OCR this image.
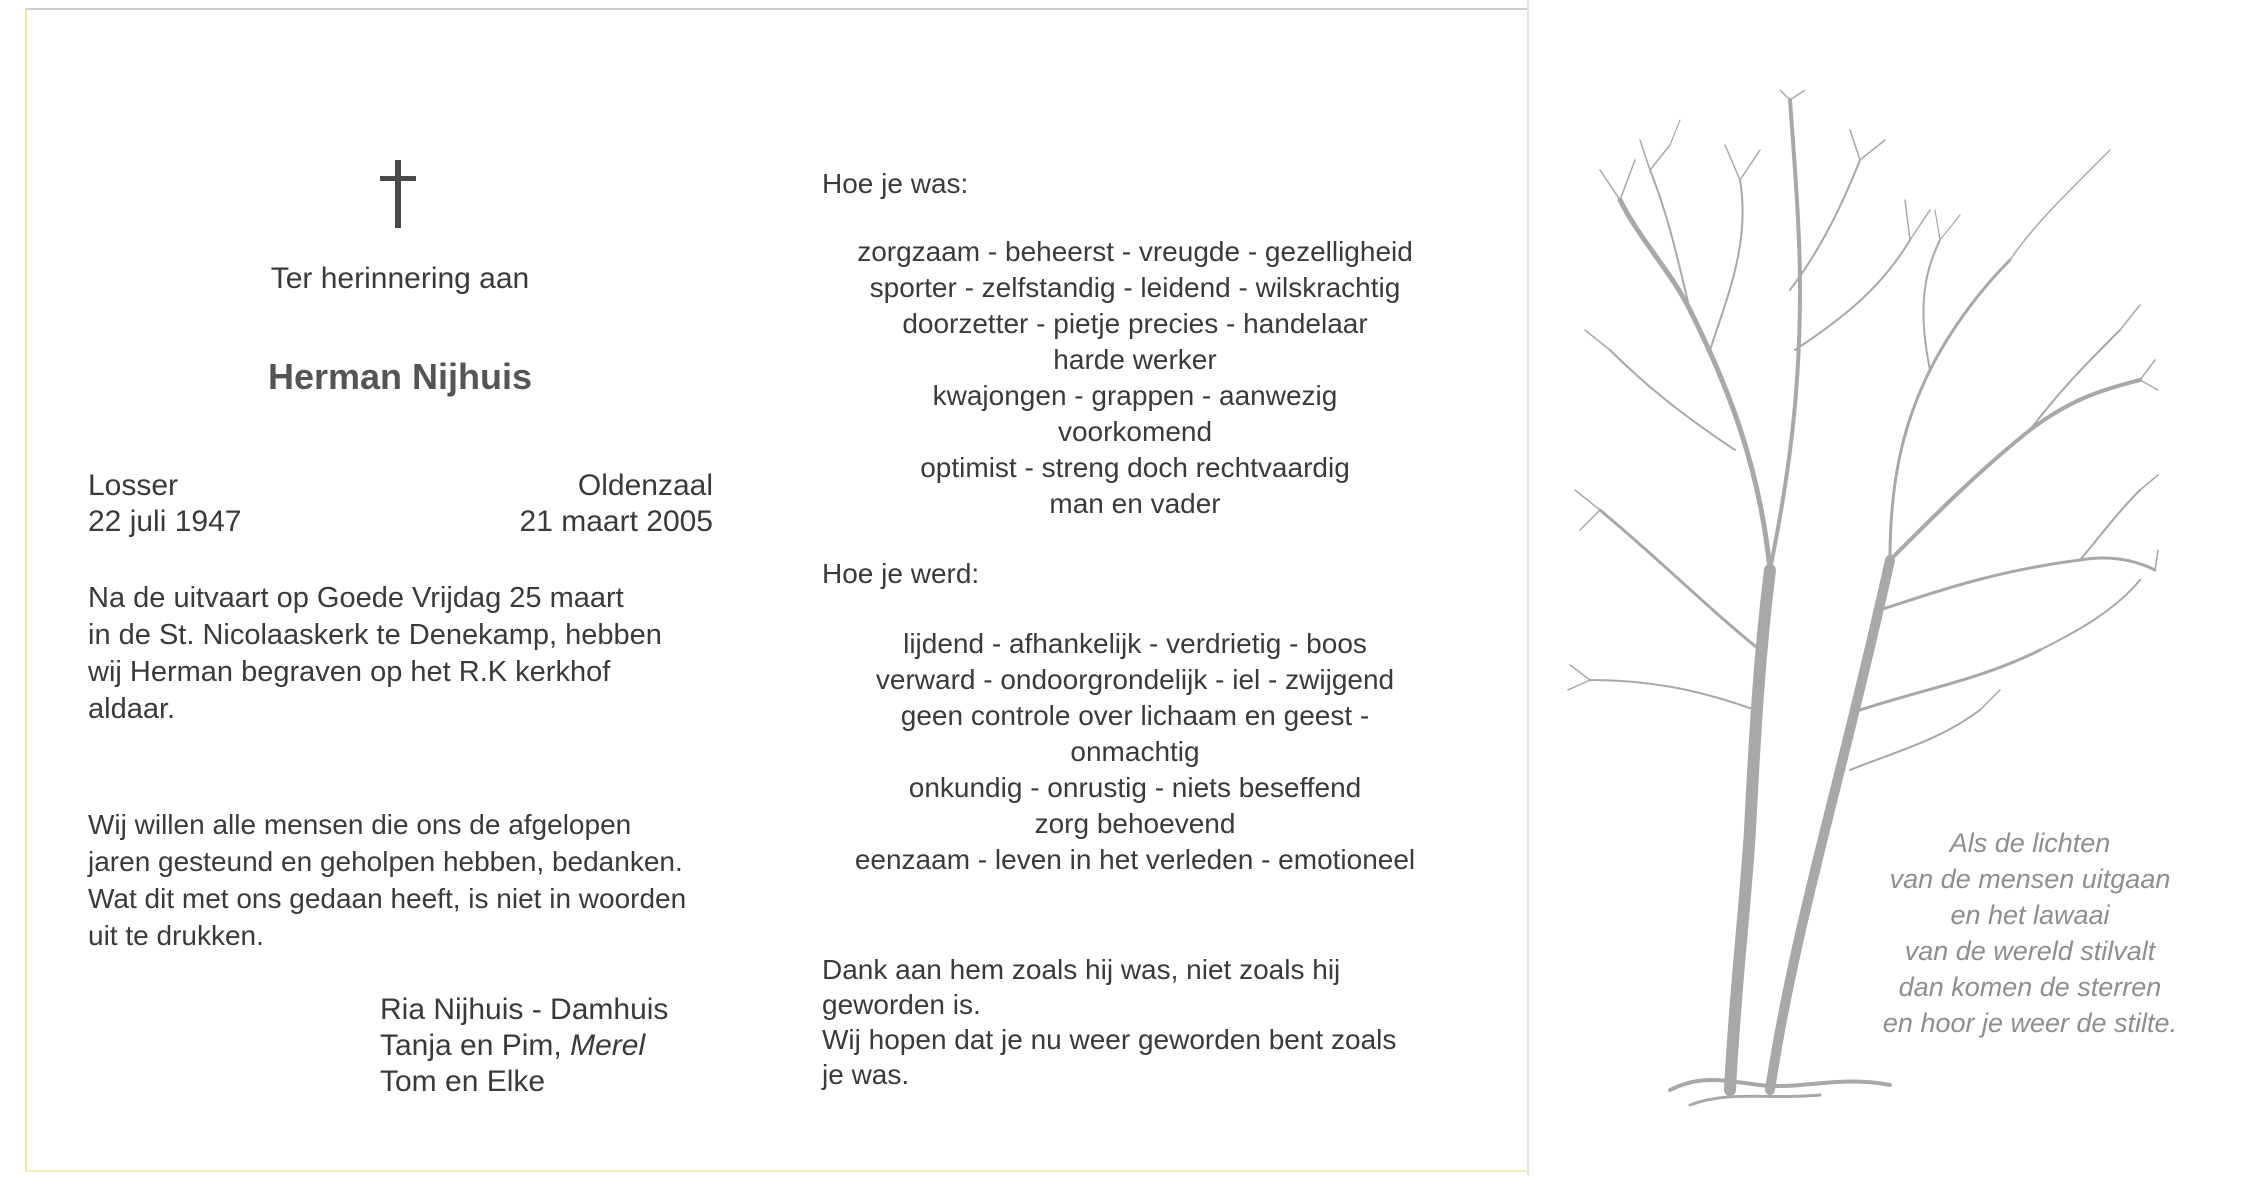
Ter herinnering aan
Herman Nijhuis
Losser
22 juli 1947
Oldenzaal
21 maart 2005
Na de uitvaart op Goede Vrijdag 25 maart
in de St. Nicolaaskerk te Denekamp, hebben
wij Herman begraven op het R.K kerkhof
aldaar.
Wij willen alle mensen die ons de afgelopen
jaren gesteund en geholpen hebben, bedanken.
Wat dit met ons gedaan heeft, is niet in woorden
uit te drukken.
Ria Nijhuis - Damhuis
Tanja en Pim, Merel
Tom en Elke
Hoe je was:
zorgzaam - beheerst - vreugde - gezelligheid
sporter - zelfstandig - leidend - wilskrachtig
doorzetter - pietje precies - handelaar
harde werker
kwajongen - grappen - aanwezig
voorkomend
optimist - streng doch rechtvaardig
man en vader
Hoe je werd:
lijdend - afhankelijk - verdrietig - boos
verward - ondoorgrondelijk - iel - zwijgend
geen controle over lichaam en geest -
onmachtig
onkundig - onrustig - niets beseffend
zorg behoevend
eenzaam - leven in het verleden - emotioneel
Dank aan hem zoals hij was, niet zoals hij
geworden is.
Wij hopen dat je nu weer geworden bent zoals
je was.
Als de lichten
van de mensen uitgaan
en het lawaai
van de wereld stilvalt
dan komen de sterren
en hoor je weer de stilte.
